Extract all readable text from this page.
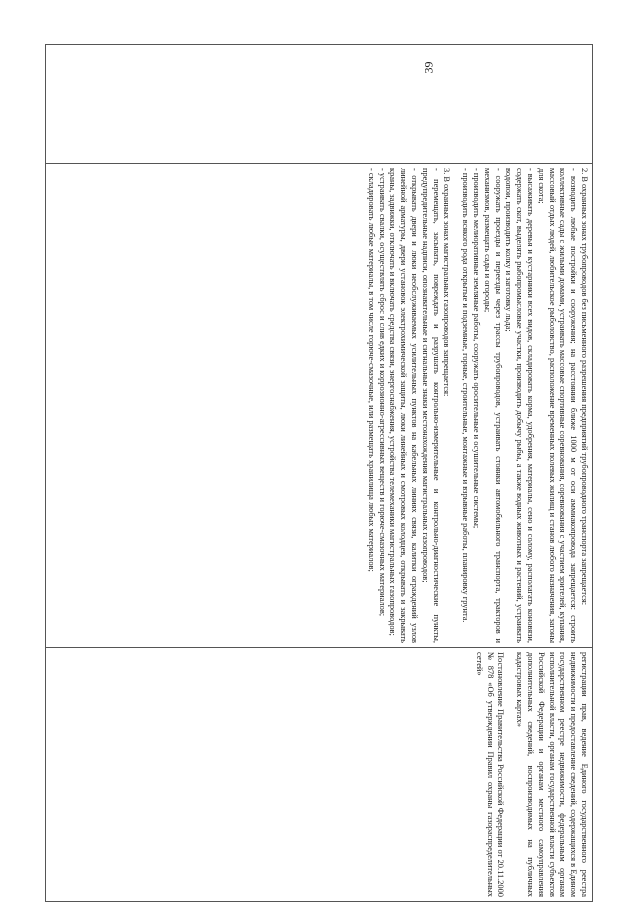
39

2. В охранных зонах трубопроводов без письменного разрешения предприятий трубопроводного транспорта запрещается:

- возводить любые постройки и сооружения; на расстоянии ближе 1000 м от оси аммиакопровода запрещается: строить коллективные сады с жилыми домами, устраивать массовые спортивные соревнования, соревнования с участием зрителей, купания, массовый отдых людей, любительское рыболовство, расположение временных полевых жилищ и станов любого назначения, загоны для скота;

- высаживать деревья и кустарники всех видов, складировать корма, удобрения, материалы, сено и солому, располагать коновязи, содержать скот, выделять рыбопромысловые участки, производить добычу рыбы, а также водных животных и растений, устраивать водопои, производить колку и заготовку льда;

- сооружать проезды и переезды через трассы трубопроводов, устраивать стоянки автомобильного транспорта, тракторов и механизмов, размещать сады и огороды;

- производить мелиоративные земляные работы, сооружать оросительные и осушительные системы;

- производить всякого рода открытые и подземные, горные, строительные, монтажные и взрывные работы, планировку грунта.

3. В охранных зонах магистральных газопроводов запрещается:

- перемещать, засыпать, повреждать и разрушать контрольно-измерительные и контрольно-диагностические пункты, предупредительные надписи, опознавательные и сигнальные знаки местонахождения магистральных газопроводов;

- открывать двери и люки необслуживаемых усилительных пунктов на кабельных линиях связи, калитки ограждений узлов линейной арматуры, двери установок электрохимической защиты, люки линейных и смотровых колодцев, открывать и закрывать краны, задвижки, отключать и включать средства связи, энергоснабжения, устройства телемеханики магистральных газопроводов;

- устраивать свалки, осуществлять сброс и слив едких и коррозионно-агрессивных веществ и горюче-смазочных материалов;

- складировать любые материалы, в том числе горюче-смазочные, или размещать хранилища любых материалов;

регистрации прав, ведение Единого государственного реестра недвижимости и предоставление сведений, содержащихся в Едином государственном реестре недвижимости, федеральным органам исполнительной власти, органам государственной власти субъектов Российской Федерации и органам местного самоуправления дополнительных сведений, воспроизводимых на публичных кадастровых картах»

Постановление Правительства Российской Федерации от 20.11.2000 № 878 «Об утверждении Правил охраны газораспределительных сетей»
